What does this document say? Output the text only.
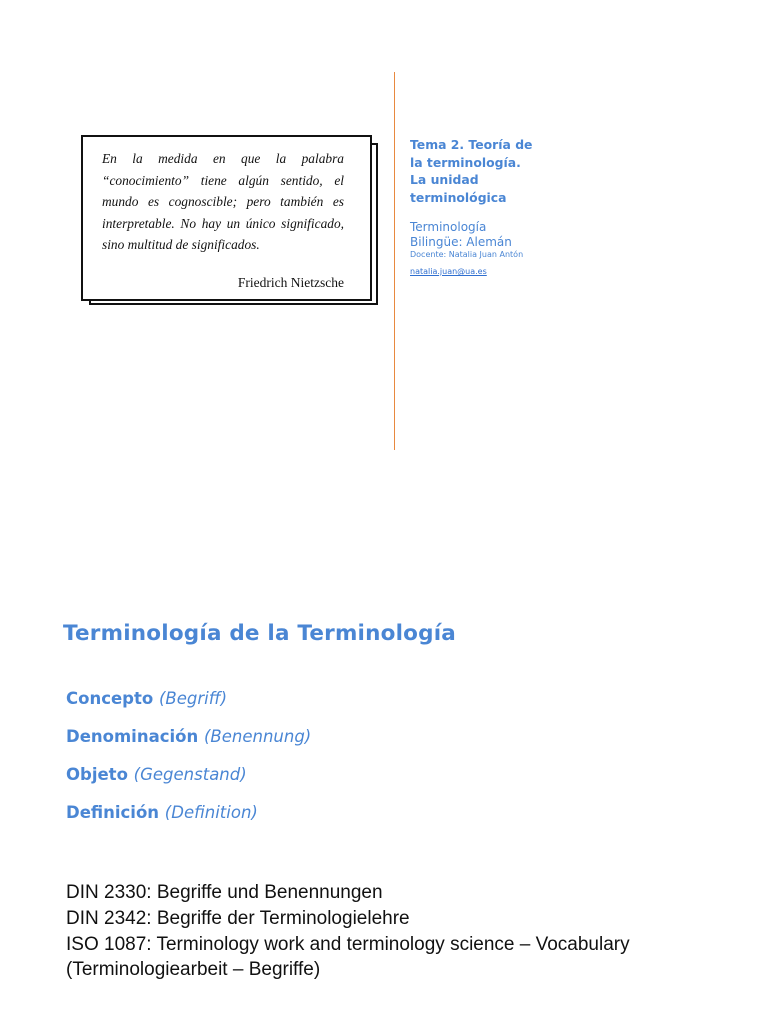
En la medida en que la palabra “conocimiento” tiene algún sentido, el mundo es cognoscible; pero también es interpretable. No hay un único significado, sino multitud de significados.
Friedrich Nietzsche
Tema 2. Teoría de
la terminología.
La unidad
terminológica
Terminología
Bilingüe: Alemán
Docente: Natalia Juan Antón
natalia.juan@ua.es
Terminología de la Terminología
Concepto (Begriff)
Denominación (Benennung)
Objeto (Gegenstand)
Definición (Definition)
DIN 2330: Begriffe und Benennungen
DIN 2342: Begriffe der Terminologielehre
ISO 1087: Terminology work and terminology science – Vocabulary
(Terminologiearbeit – Begriffe)
